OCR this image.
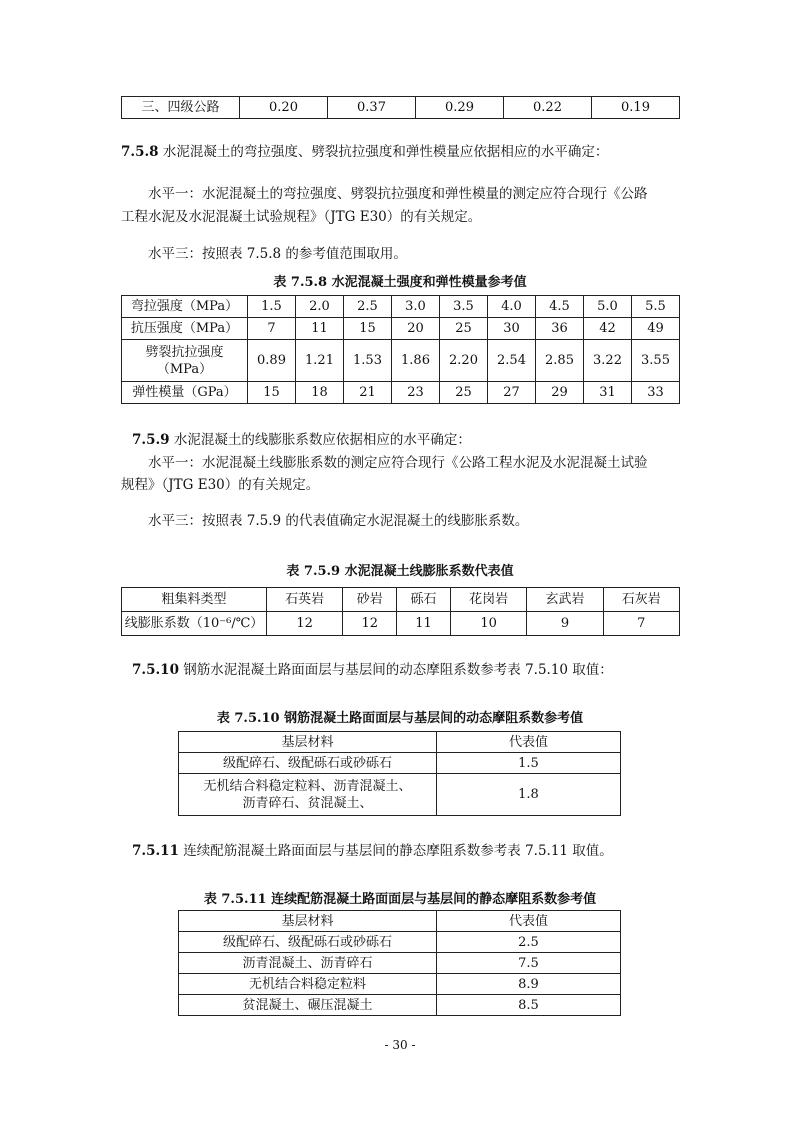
三、四级公路	0.20	0.37	0.29	0.22	0.19
7.5.8 水泥混凝土的弯拉强度、劈裂抗拉强度和弹性模量应依据相应的水平确定：
水平一：水泥混凝土的弯拉强度、劈裂抗拉强度和弹性模量的测定应符合现行《公路
工程水泥及水泥混凝土试验规程》（JTG E30）的有关规定。
水平三：按照表 7.5.8 的参考值范围取用。
表 7.5.8 水泥混凝土强度和弹性模量参考值
弯拉强度（MPa）	1.5	2.0	2.5	3.0	3.5	4.0	4.5	5.0	5.5
抗压强度（MPa）	7	11	15	20	25	30	36	42	49

劈裂抗拉强度
（MPa）	0.89	1.21	1.53	1.86	2.20	2.54	2.85	3.22	3.55
弹性模量（GPa）	15	18	21	23	25	27	29	31	33
7.5.9 水泥混凝土的线膨胀系数应依据相应的水平确定：
水平一：水泥混凝土线膨胀系数的测定应符合现行《公路工程水泥及水泥混凝土试验
规程》（JTG E30）的有关规定。
水平三：按照表 7.5.9 的代表值确定水泥混凝土的线膨胀系数。
表 7.5.9 水泥混凝土线膨胀系数代表值
粗集料类型	石英岩	砂岩	砾石	花岗岩	玄武岩	石灰岩
线膨胀系数（10⁻⁶/℃）	12	12	11	10	9	7
7.5.10 钢筋水泥混凝土路面面层与基层间的动态摩阻系数参考表 7.5.10 取值：
表 7.5.10 钢筋混凝土路面面层与基层间的动态摩阻系数参考值
基层材料	代表值
级配碎石、级配砾石或砂砾石	1.5

无机结合料稳定粒料、沥青混凝土、
沥青碎石、贫混凝土、	1.8
7.5.11 连续配筋混凝土路面面层与基层间的静态摩阻系数参考表 7.5.11 取值。
表 7.5.11 连续配筋混凝土路面面层与基层间的静态摩阻系数参考值
基层材料	代表值
级配碎石、级配砾石或砂砾石	2.5
沥青混凝土、沥青碎石	7.5
无机结合料稳定粒料	8.9
贫混凝土、碾压混凝土	8.5
- 30 -
